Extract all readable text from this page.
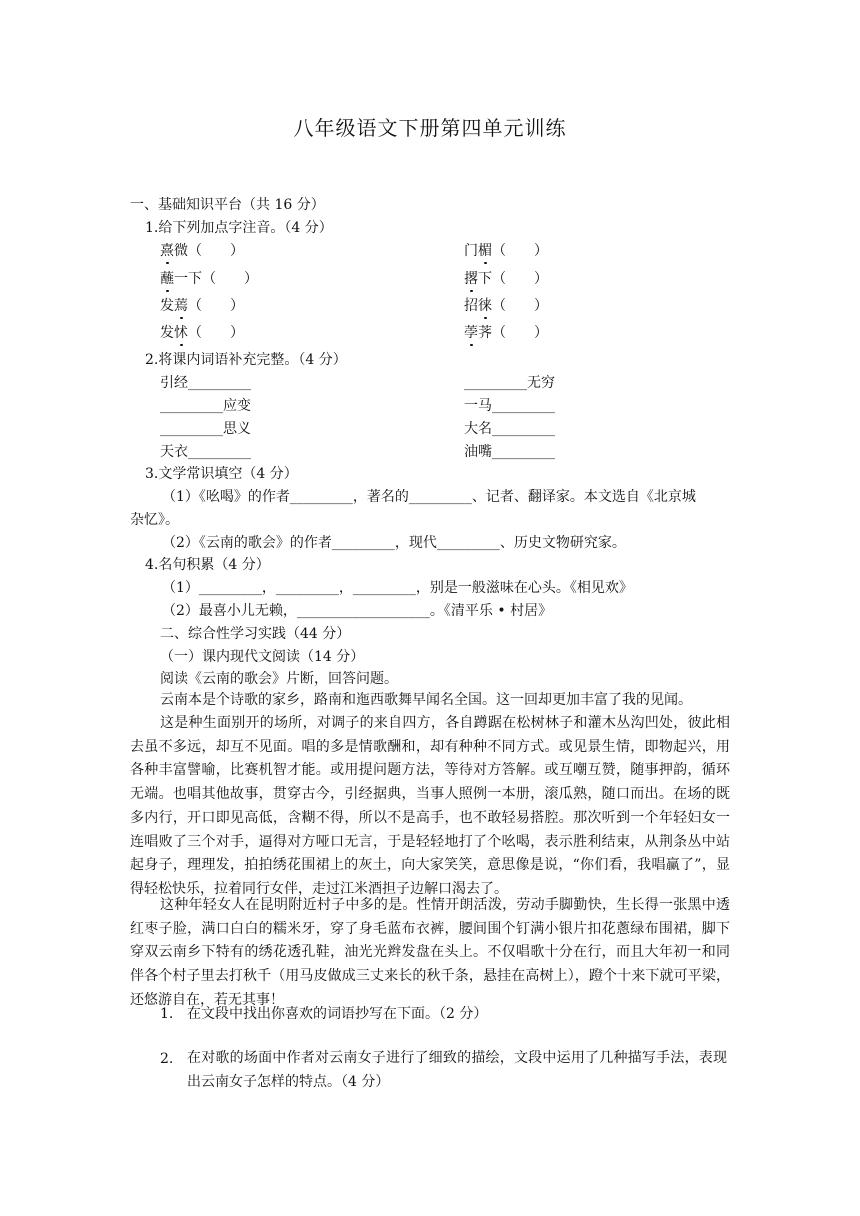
八年级语文下册第四单元训练
一、基础知识平台（共 16 分）
1.给下列加点字注音。（4 分）
熹微（　　）	门楣（　　）
蘸一下（　　）	撂下（　　）
发蔫（　　）	招徕（　　）
发怵（　　）	荸荠（　　）
2.将课内词语补充完整。（4 分）
引经_________	_________无穷
_________应变	一马_________
_________思义	大名_________
天衣_________	油嘴_________
3.文学常识填空（4 分）
（1）《吆喝》的作者_________，著名的_________、记者、翻译家。本文选自《北京城
杂忆》。
（2）《云南的歌会》的作者_________，现代_________、历史文物研究家。
4.名句积累（4 分）
（1）_________，_________，_________，别是一般滋味在心头。《相见欢》
（2）最喜小儿无赖，___________________。《清平乐 • 村居》
二、综合性学习实践（44 分）
（一）课内现代文阅读（14 分）
阅读《云南的歌会》片断，回答问题。
云南本是个诗歌的家乡，路南和迤西歌舞早闻名全国。这一回却更加丰富了我的见闻。
这是种生面别开的场所，对调子的来自四方，各自蹲踞在松树林子和灌木丛沟凹处，彼此相去虽不多远，却互不见面。唱的多是情歌酬和，却有种种不同方式。或见景生情，即物起兴，用各种丰富譬喻，比赛机智才能。或用提问题方法，等待对方答解。或互嘲互赞，随事押韵，循环无端。也唱其他故事，贯穿古今，引经据典，当事人照例一本册，滚瓜熟，随口而出。在场的既多内行，开口即见高低，含糊不得，所以不是高手，也不敢轻易搭腔。那次听到一个年轻妇女一连唱败了三个对手，逼得对方哑口无言，于是轻轻地打了个吆喝，表示胜利结束，从荆条丛中站起身子，理理发，拍拍绣花围裙上的灰土，向大家笑笑，意思像是说，“你们看，我唱赢了”，显得轻松快乐，拉着同行女伴，走过江米酒担子边解口渴去了。
这种年轻女人在昆明附近村子中多的是。性情开朗活泼，劳动手脚勤快，生长得一张黑中透红枣子脸，满口白白的糯米牙，穿了身毛蓝布衣裤，腰间围个钉满小银片扣花蔥绿布围裙，脚下穿双云南乡下特有的绣花透孔鞋，油光光辫发盘在头上。不仅唱歌十分在行，而且大年初一和同伴各个村子里去打秋千（用马皮做成三丈来长的秋千条，悬挂在高树上），蹬个十来下就可平梁，还悠游自在，若无其事！
1. 在文段中找出你喜欢的词语抄写在下面。（2 分）
2. 在对歌的场面中作者对云南女子进行了细致的描绘，文段中运用了几种描写手法，表现出云南女子怎样的特点。（4 分）
